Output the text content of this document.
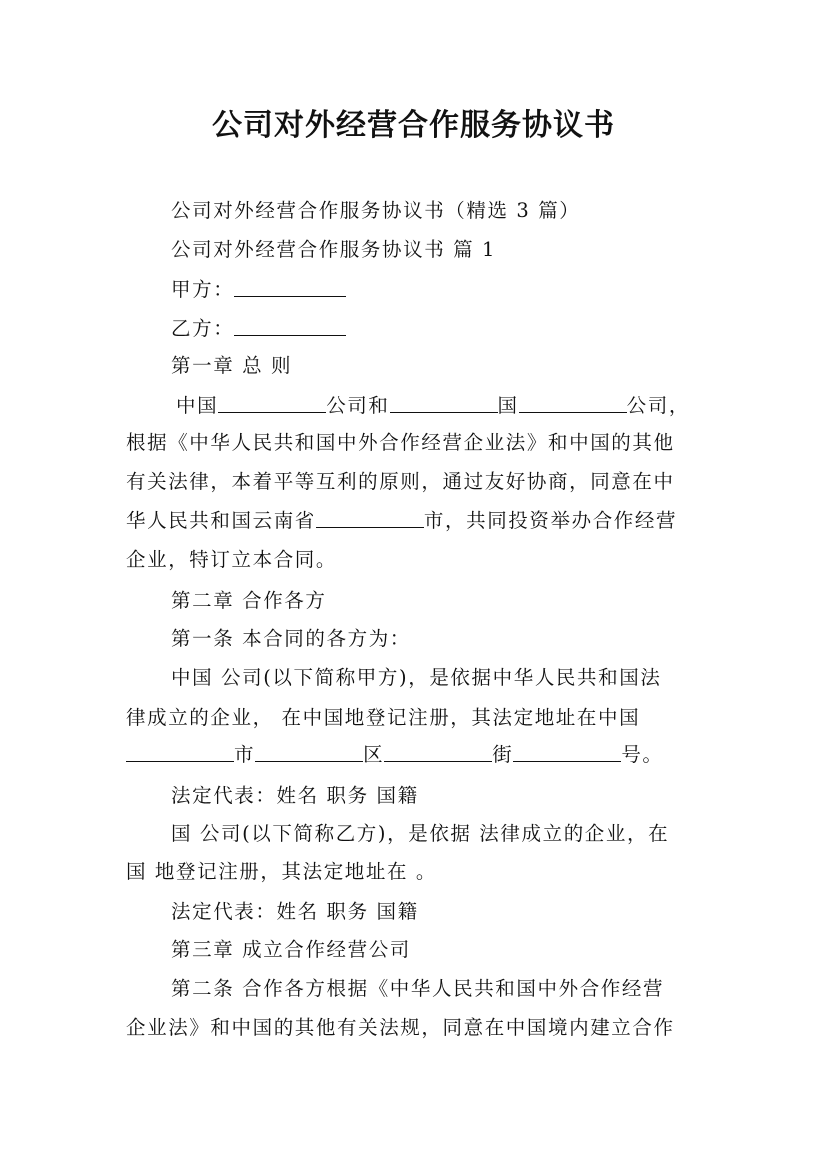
公司对外经营合作服务协议书
公司对外经营合作服务协议书（精选 3 篇）
公司对外经营合作服务协议书 篇 1
甲方：
乙方：
第一章 总 则
中国	公司和	国	公司，
根据《中华人民共和国中外合作经营企业法》和中国的其他
有关法律，本着平等互利的原则，通过友好协商，同意在中
华人民共和国云南省	市，共同投资举办合作经营
企业，特订立本合同。
第二章 合作各方
第一条 本合同的各方为：
中国 公司(以下简称甲方)，是依据中华人民共和国法
律成立的企业， 在中国地登记注册，其法定地址在中国
市	区	街	号。
法定代表：姓名 职务 国籍
国 公司(以下简称乙方)，是依据 法律成立的企业，在
国 地登记注册，其法定地址在 。
法定代表：姓名 职务 国籍
第三章 成立合作经营公司
第二条 合作各方根据《中华人民共和国中外合作经营
企业法》和中国的其他有关法规，同意在中国境内建立合作
